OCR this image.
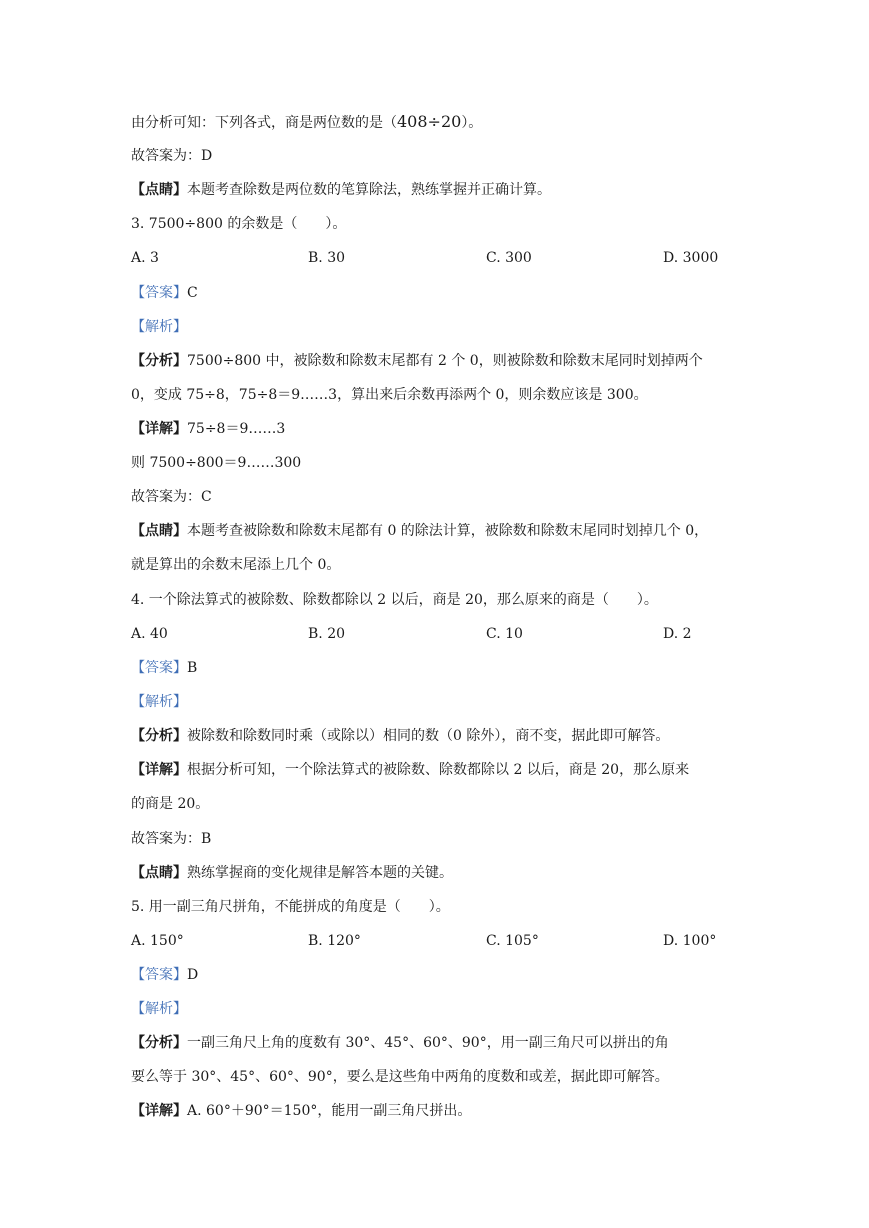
由分析可知：下列各式，商是两位数的是（408÷20）。
故答案为：D
【点睛】本题考查除数是两位数的笔算除法，熟练掌握并正确计算。
3. 7500÷800 的余数是（　　）。
A. 3	B. 30	C. 300	D. 3000
【答案】C
【解析】
【分析】7500÷800 中，被除数和除数末尾都有 2 个 0，则被除数和除数末尾同时划掉两个
0，变成 75÷8，75÷8＝9……3，算出来后余数再添两个 0，则余数应该是 300。
【详解】75÷8＝9……3
则 7500÷800＝9……300
故答案为：C
【点睛】本题考查被除数和除数末尾都有 0 的除法计算，被除数和除数末尾同时划掉几个 0，
就是算出的余数末尾添上几个 0。
4. 一个除法算式的被除数、除数都除以 2 以后，商是 20，那么原来的商是（　　）。
A. 40	B. 20	C. 10	D. 2
【答案】B
【解析】
【分析】被除数和除数同时乘（或除以）相同的数（0 除外），商不变，据此即可解答。
【详解】根据分析可知，一个除法算式的被除数、除数都除以 2 以后，商是 20，那么原来
的商是 20。
故答案为：B
【点睛】熟练掌握商的变化规律是解答本题的关键。
5. 用一副三角尺拼角，不能拼成的角度是（　　）。
A. 150°	B. 120°	C. 105°	D. 100°
【答案】D
【解析】
【分析】一副三角尺上角的度数有 30°、45°、60°、90°，用一副三角尺可以拼出的角
要么等于 30°、45°、60°、90°，要么是这些角中两角的度数和或差，据此即可解答。
【详解】A. 60°＋90°＝150°，能用一副三角尺拼出。
